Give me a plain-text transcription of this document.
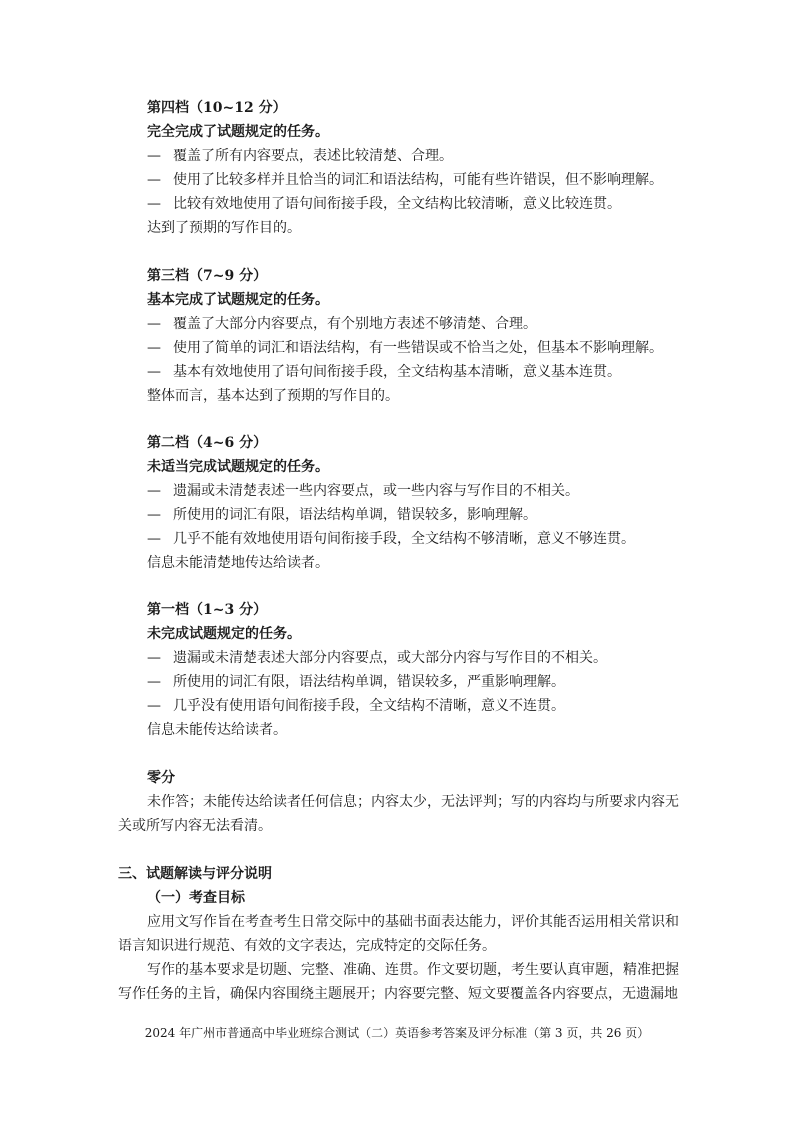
第四档（10~12 分）
完全完成了试题规定的任务。
— 覆盖了所有内容要点，表述比较清楚、合理。
— 使用了比较多样并且恰当的词汇和语法结构，可能有些许错误，但不影响理解。
— 比较有效地使用了语句间衔接手段，全文结构比较清晰，意义比较连贯。
达到了预期的写作目的。
第三档（7~9 分）
基本完成了试题规定的任务。
— 覆盖了大部分内容要点，有个别地方表述不够清楚、合理。
— 使用了简单的词汇和语法结构，有一些错误或不恰当之处，但基本不影响理解。
— 基本有效地使用了语句间衔接手段，全文结构基本清晰，意义基本连贯。
整体而言，基本达到了预期的写作目的。
第二档（4~6 分）
未适当完成试题规定的任务。
— 遗漏或未清楚表述一些内容要点，或一些内容与写作目的不相关。
— 所使用的词汇有限，语法结构单调，错误较多，影响理解。
— 几乎不能有效地使用语句间衔接手段，全文结构不够清晰，意义不够连贯。
信息未能清楚地传达给读者。
第一档（1~3 分）
未完成试题规定的任务。
— 遗漏或未清楚表述大部分内容要点，或大部分内容与写作目的不相关。
— 所使用的词汇有限，语法结构单调，错误较多，严重影响理解。
— 几乎没有使用语句间衔接手段，全文结构不清晰，意义不连贯。
信息未能传达给读者。
零分
未作答；未能传达给读者任何信息；内容太少，无法评判；写的内容均与所要求内容无
关或所写内容无法看清。
三、试题解读与评分说明
（一）考查目标
应用文写作旨在考查考生日常交际中的基础书面表达能力，评价其能否运用相关常识和
语言知识进行规范、有效的文字表达，完成特定的交际任务。
写作的基本要求是切题、完整、准确、连贯。作文要切题，考生要认真审题，精准把握
写作任务的主旨，确保内容围绕主题展开；内容要完整、短文要覆盖各内容要点，无遗漏地
2024 年广州市普通高中毕业班综合测试（二）英语参考答案及评分标准（第 3 页，共 26 页）
